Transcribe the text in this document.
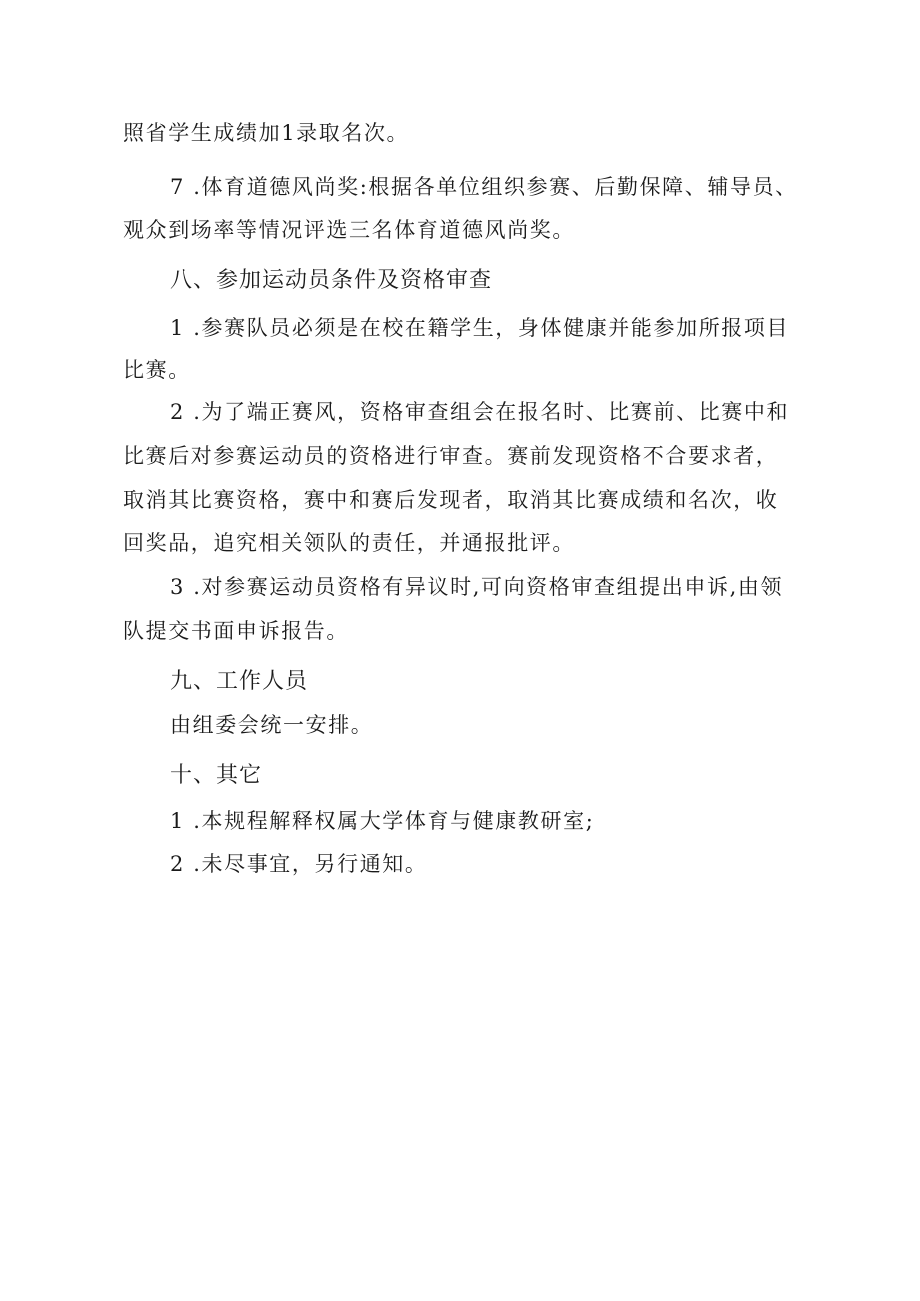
照省学生成绩加1录取名次。
7 .体育道德风尚奖:根据各单位组织参赛、后勤保障、辅导员、
观众到场率等情况评选三名体育道德风尚奖。
八、参加运动员条件及资格审查
1 .参赛队员必须是在校在籍学生，身体健康并能参加所报项目
比赛。
2 .为了端正赛风，资格审查组会在报名时、比赛前、比赛中和
比赛后对参赛运动员的资格进行审查。赛前发现资格不合要求者，
取消其比赛资格，赛中和赛后发现者，取消其比赛成绩和名次，收
回奖品，追究相关领队的责任，并通报批评。
3 .对参赛运动员资格有异议时,可向资格审查组提出申诉,由领
队提交书面申诉报告。
九、工作人员
由组委会统一安排。
十、其它
1 .本规程解释权属大学体育与健康教研室;
2 .未尽事宜，另行通知。
